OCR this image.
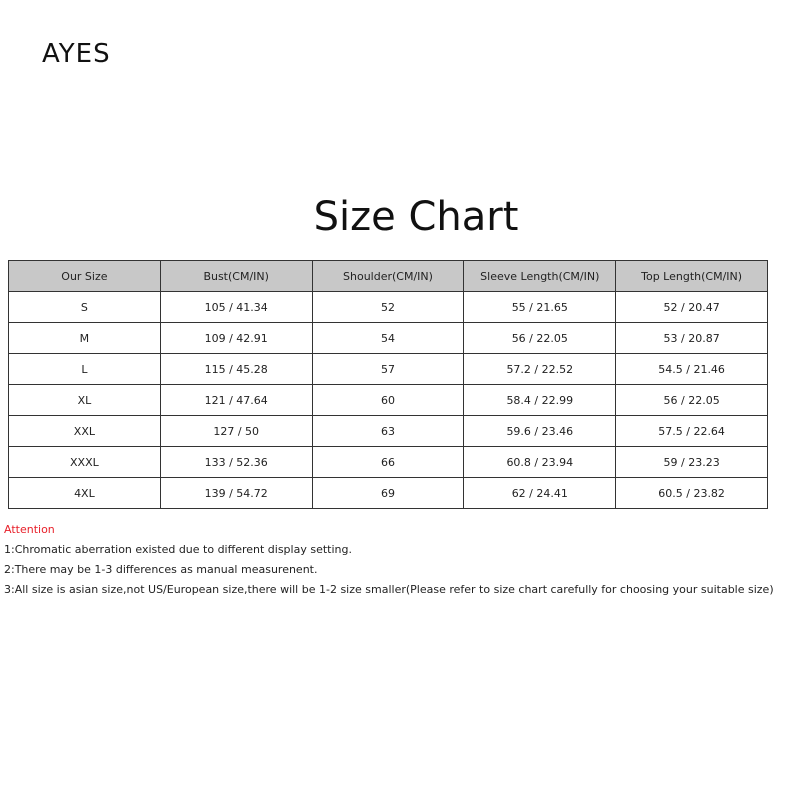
AYES
Size Chart
Our Size	Bust(CM/IN)	Shoulder(CM/IN)	Sleeve Length(CM/IN)	Top Length(CM/IN)
S	105 / 41.34	52	55 / 21.65	52 / 20.47
M	109 / 42.91	54	56 / 22.05	53 / 20.87
L	115 / 45.28	57	57.2 / 22.52	54.5 / 21.46
XL	121 / 47.64	60	58.4 / 22.99	56 / 22.05
XXL	127 / 50	63	59.6 / 23.46	57.5 / 22.64
XXXL	133 / 52.36	66	60.8 / 23.94	59 / 23.23
4XL	139 / 54.72	69	62 / 24.41	60.5 / 23.82
Attention
1:Chromatic aberration existed due to different display setting.
2:There may be 1-3 differences as manual measurenent.
3:All size is asian size,not US/European size,there will be 1-2 size smaller(Please refer to size chart carefully for choosing your suitable size)
